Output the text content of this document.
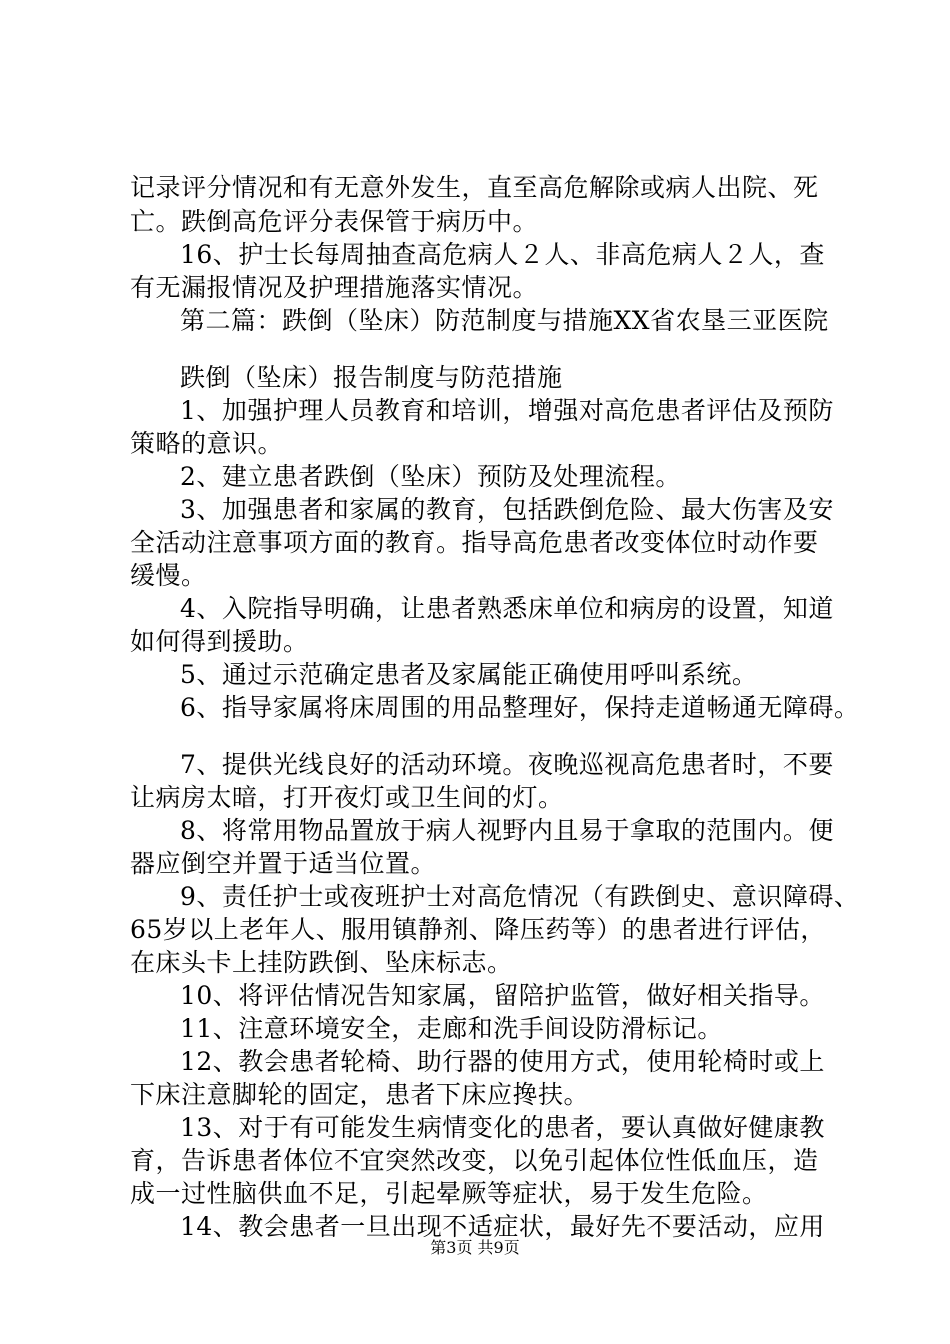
记录评分情况和有无意外发生，直至高危解除或病人出院、死
亡。跌倒高危评分表保管于病历中。
16、护士长每周抽查高危病人２人、非高危病人２人，查
有无漏报情况及护理措施落实情况。
第二篇：跌倒（坠床）防范制度与措施XX省农垦三亚医院
跌倒（坠床）报告制度与防范措施
1、加强护理人员教育和培训，增强对高危患者评估及预防
策略的意识。
2、建立患者跌倒（坠床）预防及处理流程。
3、加强患者和家属的教育，包括跌倒危险、最大伤害及安
全活动注意事项方面的教育。指导高危患者改变体位时动作要
缓慢。
4、入院指导明确，让患者熟悉床单位和病房的设置，知道
如何得到援助。
5、通过示范确定患者及家属能正确使用呼叫系统。
6、指导家属将床周围的用品整理好，保持走道畅通无障碍。
7、提供光线良好的活动环境。夜晚巡视高危患者时，不要
让病房太暗，打开夜灯或卫生间的灯。
8、将常用物品置放于病人视野内且易于拿取的范围内。便
器应倒空并置于适当位置。
9、责任护士或夜班护士对高危情况（有跌倒史、意识障碍、
65岁以上老年人、服用镇静剂、降压药等）的患者进行评估，
在床头卡上挂防跌倒、坠床标志。
10、将评估情况告知家属，留陪护监管，做好相关指导。
11、注意环境安全，走廊和洗手间设防滑标记。
12、教会患者轮椅、助行器的使用方式，使用轮椅时或上
下床注意脚轮的固定，患者下床应搀扶。
13、对于有可能发生病情变化的患者，要认真做好健康教
育，告诉患者体位不宜突然改变，以免引起体位性低血压，造
成一过性脑供血不足，引起晕厥等症状，易于发生危险。
14、教会患者一旦出现不适症状，最好先不要活动，应用
第3页 共9页
